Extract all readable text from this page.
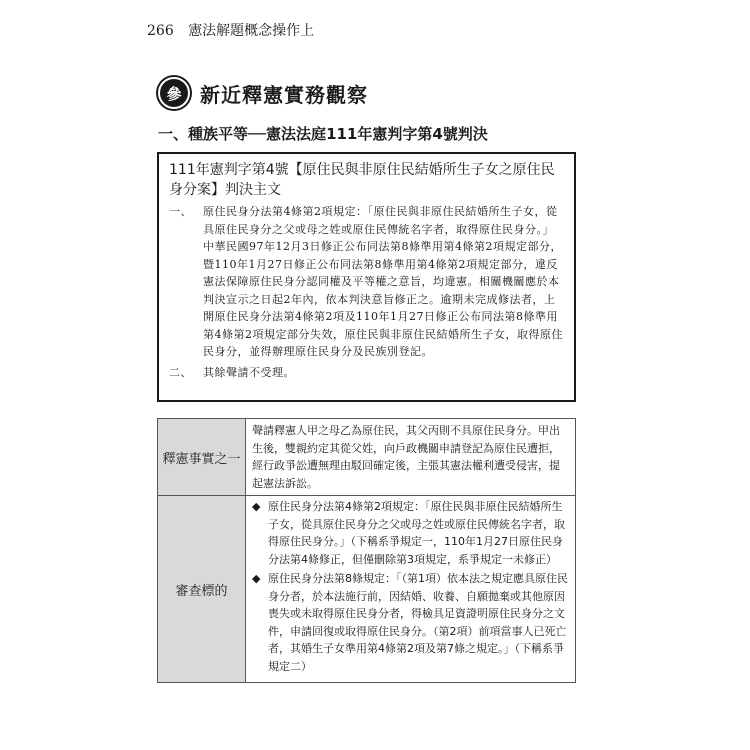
266 憲法解題概念操作上
參 新近釋憲實務觀察
一、種族平等──憲法法庭111年憲判字第4號判決
111年憲判字第4號【原住民與非原住民結婚所生子女之原住民身分案】判決主文
一、	原住民身分法第4條第2項規定：「原住民與非原住民結婚所生子女，從具原住民身分之父或母之姓或原住民傳統名字者，取得原住民身分。」中華民國97年12月3日修正公布同法第8條準用第4條第2項規定部分，暨110年1月27日修正公布同法第8條準用第4條第2項規定部分，違反憲法保障原住民身分認同權及平等權之意旨，均違憲。相關機關應於本判決宣示之日起2年內，依本判決意旨修正之。逾期未完成修法者，上開原住民身分法第4條第2項及110年1月27日修正公布同法第8條準用第4條第2項規定部分失效，原住民與非原住民結婚所生子女，取得原住民身分，並得辦理原住民身分及民族別登記。
二、	其餘聲請不受理。
釋憲事實之一	聲請釋憲人甲之母乙為原住民，其父丙則不具原住民身分。甲出生後，雙親約定其從父姓，向戶政機關申請登記為原住民遭拒，經行政爭訟遭無理由駁回確定後，主張其憲法權利遭受侵害，提起憲法訴訟。
審查標的	◆ 原住民身分法第4條第2項規定：「原住民與非原住民結婚所生子女，從具原住民身分之父或母之姓或原住民傳統名字者，取得原住民身分。」（下稱系爭規定一，110年1月27日原住民身分法第4條修正，但僅刪除第3項規定，系爭規定一未修正）
◆ 原住民身分法第8條規定：「（第1項）依本法之規定應具原住民身分者，於本法施行前，因結婚、收養、自願拋棄或其他原因喪失或未取得原住民身分者，得檢具足資證明原住民身分之文件，申請回復或取得原住民身分。（第2項）前項當事人已死亡者，其婚生子女準用第4條第2項及第7條之規定。」（下稱系爭規定二）
